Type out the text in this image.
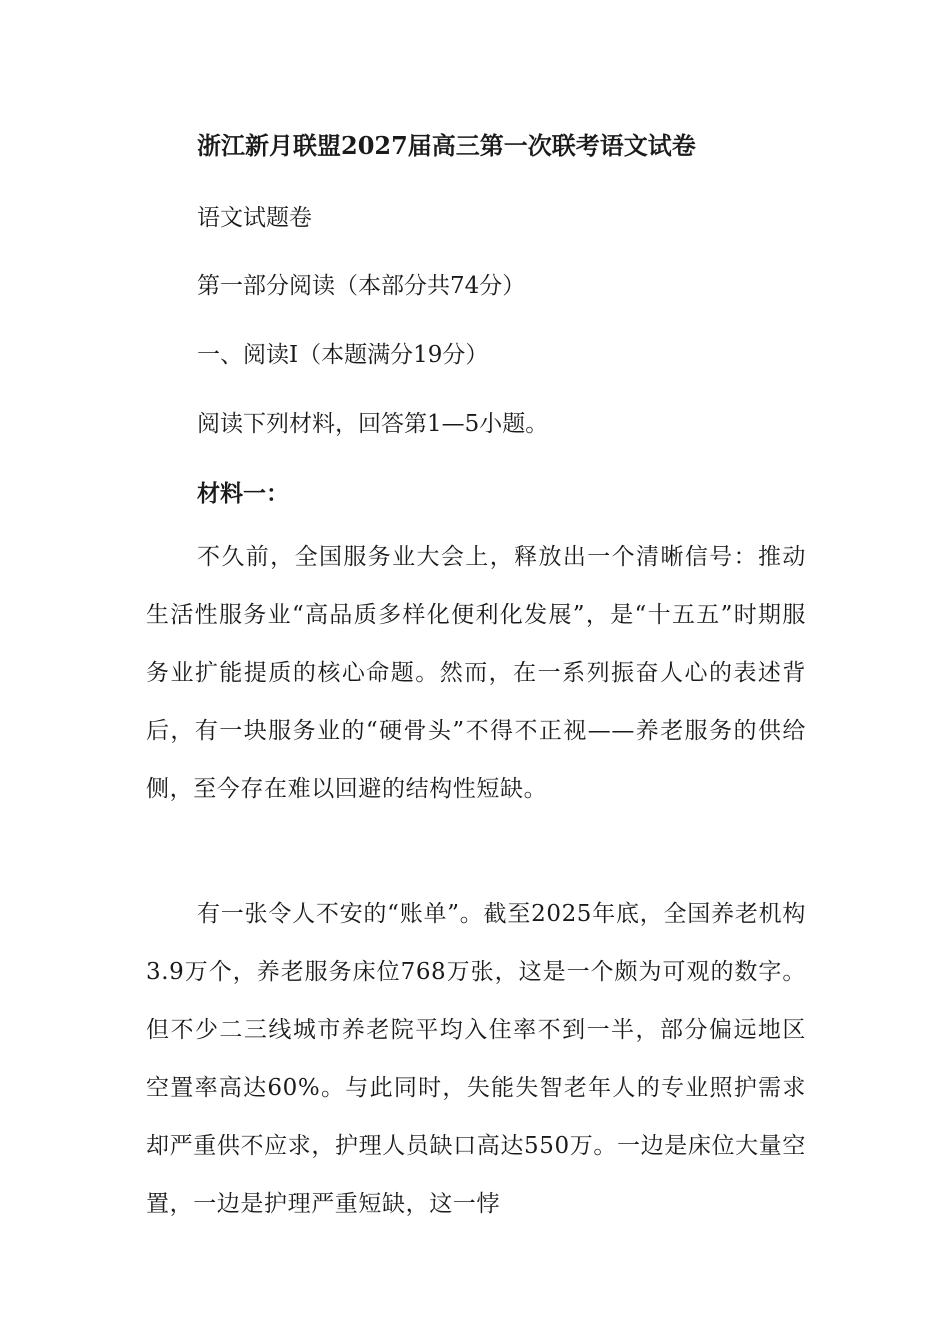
浙江新月联盟2027届高三第一次联考语文试卷
语文试题卷
第一部分阅读（本部分共74分）
一、阅读Ⅰ（本题满分19分）
阅读下列材料，回答第1—5小题。
材料一：
不久前，全国服务业大会上，释放出一个清晰信号：推动生活性服务业“高品质多样化便利化发展”，是“十五五”时期服务业扩能提质的核心命题。然而，在一系列振奋人心的表述背后，有一块服务业的“硬骨头”不得不正视——养老服务的供给侧，至今存在难以回避的结构性短缺。
有一张令人不安的“账单”。截至2025年底，全国养老机构3.9万个，养老服务床位768万张，这是一个颇为可观的数字。但不少二三线城市养老院平均入住率不到一半，部分偏远地区空置率高达60%。与此同时，失能失智老年人的专业照护需求却严重供不应求，护理人员缺口高达550万。一边是床位大量空置，一边是护理严重短缺，这一悖
